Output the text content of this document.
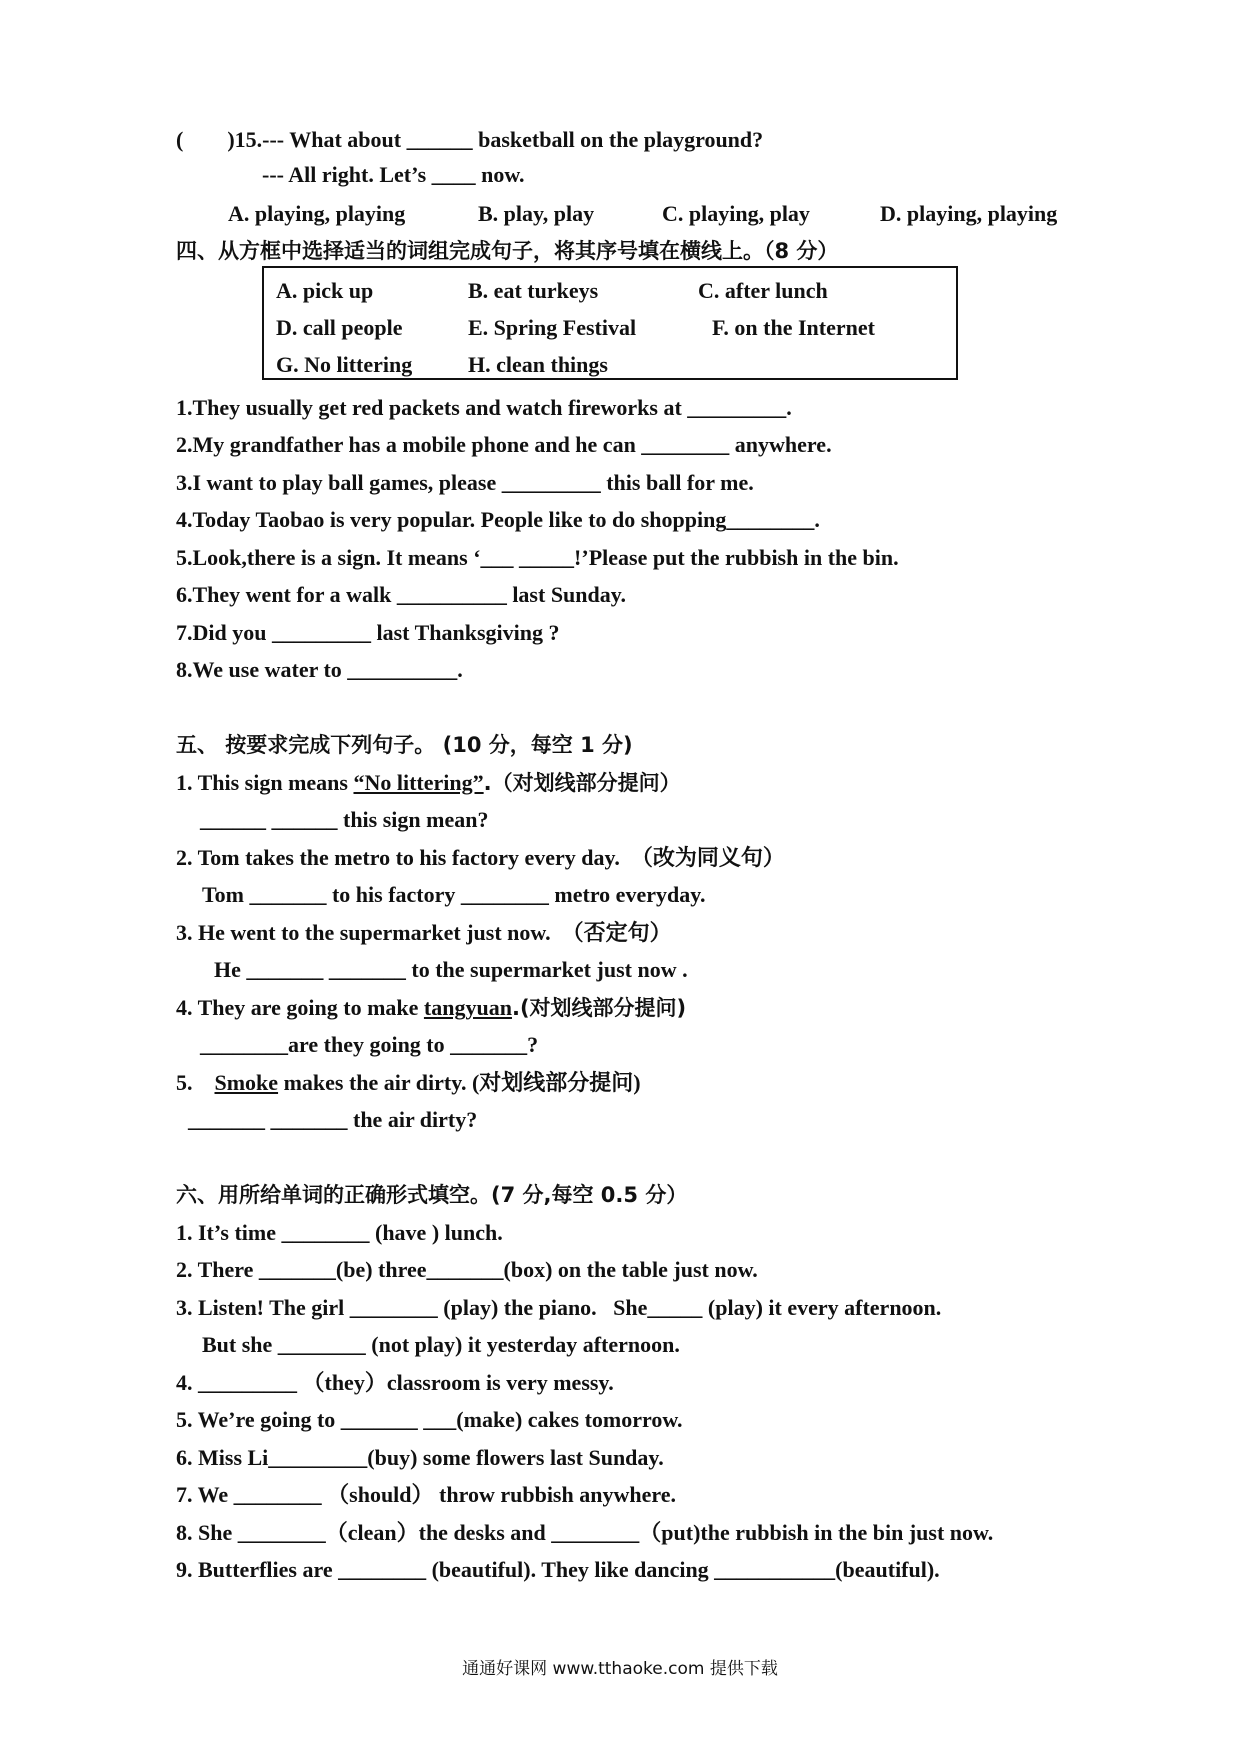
(        )15.--- What about ______ basketball on the playground?
--- All right. Let’s ____ now.
A. playing, playing	B. play, play	C. playing, play	D. playing, playing
四、从方框中选择适当的词组完成句子，将其序号填在横线上。（8 分）
A. pick up	B. eat turkeys	C. after lunch
D. call people	E. Spring Festival	F. on the Internet
G. No littering	H. clean things
1.They usually get red packets and watch fireworks at _________.
2.My grandfather has a mobile phone and he can ________ anywhere.
3.I want to play ball games, please _________ this ball for me.
4.Today Taobao is very popular. People like to do shopping________.
5.Look,there is a sign. It means ‘___ _____!’Please put the rubbish in the bin.
6.They went for a walk __________ last Sunday.
7.Did you _________ last Thanksgiving ?
8.We use water to __________.
五、 按要求完成下列句子。 (10 分，每空 1 分)
1. This sign means “No littering”.（对划线部分提问）
______ ______ this sign mean?
2. Tom takes the metro to his factory every day.  （改为同义句）
Tom _______ to his factory ________ metro everyday.
3. He went to the supermarket just now.  （否定句）
He _______ _______ to the supermarket just now .
4. They are going to make tangyuan.(对划线部分提问)
________are they going to _______?
5.    Smoke makes the air dirty. (对划线部分提问)
_______ _______ the air dirty?
六、用所给单词的正确形式填空。(7 分,每空 0.5 分）
1. It’s time ________ (have ) lunch.
2. There _______(be) three_______(box) on the table just now.
3. Listen! The girl ________ (play) the piano.   She_____ (play) it every afternoon.
But she ________ (not play) it yesterday afternoon.
4. _________ （they）classroom is very messy.
5. We’re going to _______ ___(make) cakes tomorrow.
6. Miss Li_________(buy) some flowers last Sunday.
7. We ________ （should） throw rubbish anywhere.
8. She ________（clean）the desks and ________（put)the rubbish in the bin just now.
9. Butterflies are ________ (beautiful). They like dancing ___________(beautiful).
通通好课网 www.tthaoke.com 提供下载
